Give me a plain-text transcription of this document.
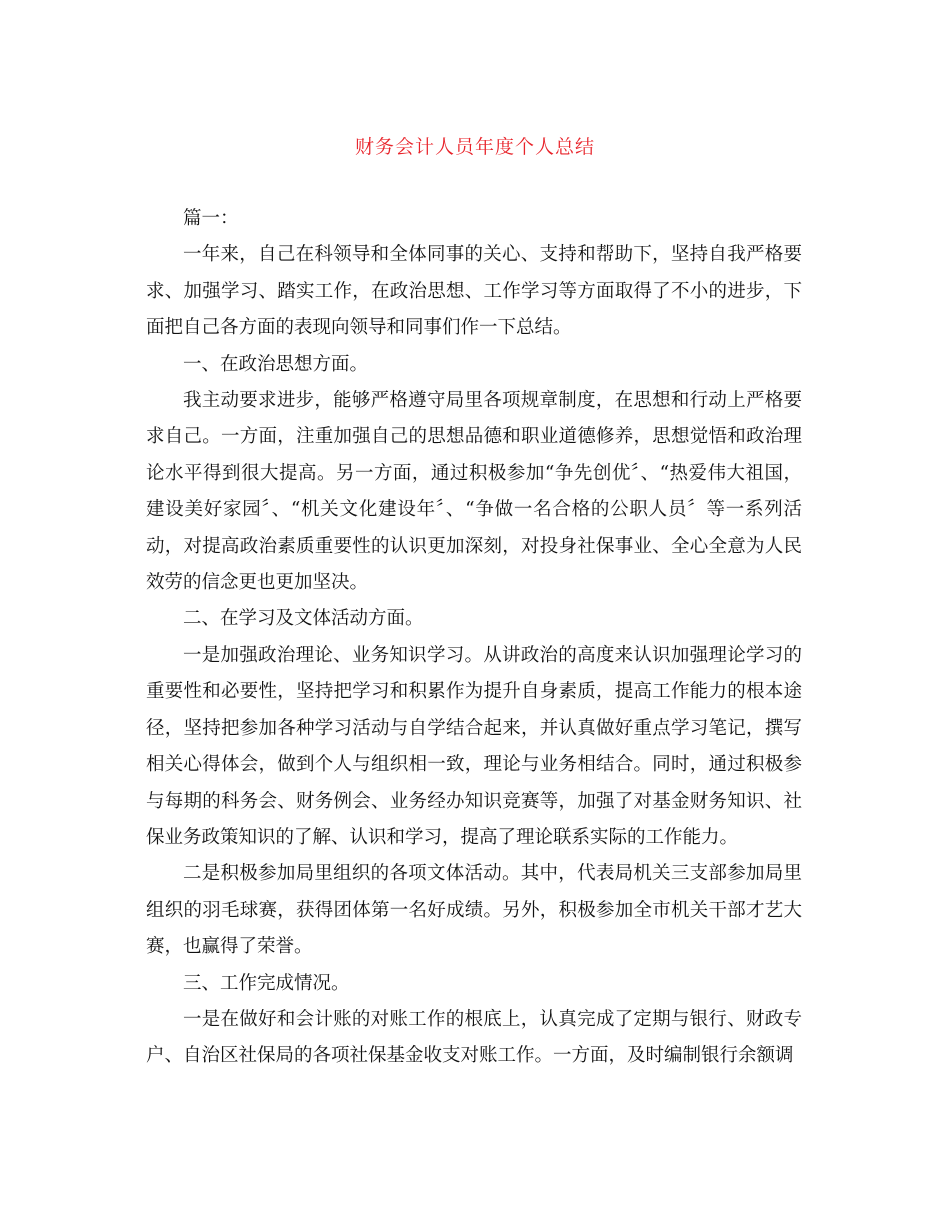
财务会计人员年度个人总结

篇一：

一年来，自己在科领导和全体同事的关心、支持和帮助下，坚持自我严格要求、加强学习、踏实工作，在政治思想、工作学习等方面取得了不小的进步，下面把自己各方面的表现向领导和同事们作一下总结。

一、在政治思想方面。

我主动要求进步，能够严格遵守局里各项规章制度，在思想和行动上严格要求自己。一方面，注重加强自己的思想品德和职业道德修养，思想觉悟和政治理论水平得到很大提高。另一方面，通过积极参加“争先创优〞、“热爱伟大祖国，建设美好家园〞、“机关文化建设年〞、“争做一名合格的公职人员〞等一系列活动，对提高政治素质重要性的认识更加深刻，对投身社保事业、全心全意为人民效劳的信念更也更加坚决。

二、在学习及文体活动方面。

一是加强政治理论、业务知识学习。从讲政治的高度来认识加强理论学习的重要性和必要性，坚持把学习和积累作为提升自身素质，提高工作能力的根本途径，坚持把参加各种学习活动与自学结合起来，并认真做好重点学习笔记，撰写相关心得体会，做到个人与组织相一致，理论与业务相结合。同时，通过积极参与每期的科务会、财务例会、业务经办知识竞赛等，加强了对基金财务知识、社保业务政策知识的了解、认识和学习，提高了理论联系实际的工作能力。

二是积极参加局里组织的各项文体活动。其中，代表局机关三支部参加局里组织的羽毛球赛，获得团体第一名好成绩。另外，积极参加全市机关干部才艺大赛，也赢得了荣誉。

三、工作完成情况。

一是在做好和会计账的对账工作的根底上，认真完成了定期与银行、财政专户、自治区社保局的各项社保基金收支对账工作。一方面，及时编制银行余额调
